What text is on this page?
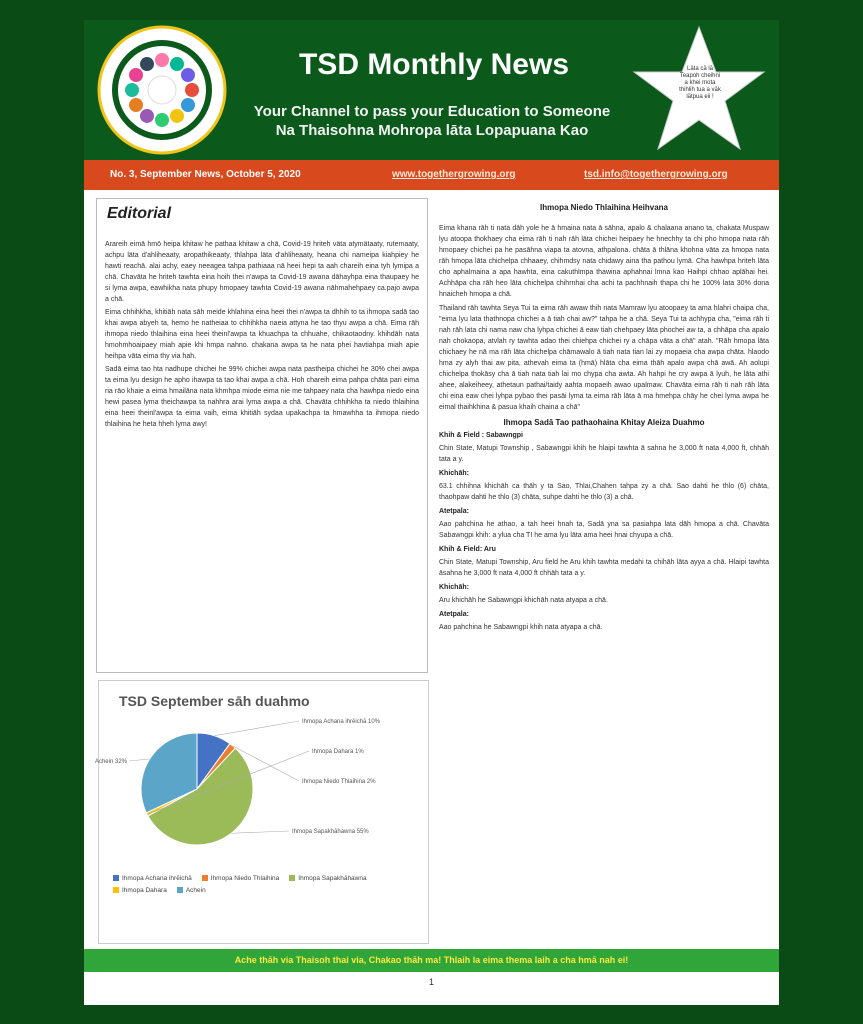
TSD Monthly News
Your Channel to pass your Education to Someone
Na Thaisohna Mohropa lāta Lopapuana Kao
Lāta cā lā Teapoh cheihni a khei mota thihlih tua a vāk lātpua eii !
No. 3, September News, October 5, 2020	www.togethergrowing.org	tsd.info@togethergrowing.org
Editorial

Arareih eimā hmō heipa khitaw he pathaa khitaw a chā, Covid-19 hriteh väta atymätaaty, rutemaaty, achpu läta d'ahliheaaty, aropathikeaaty, thlahpa läta d'ahliheaaty, heana chi nameipa kiahpiey he hawti reachā. alai achy, eaey neeagea tahpa pathiaaa nā heei hepi ta aah chareih eina tyh lymipa a chā. Chavāta he hriteh tawhta eina hoih thei n'awpa ta Covid-19 awana dāhayhpa eina thaupaey he si lyma awpa, eawhikha nata phupy hmopaey tawhta Covid-19 awana nāhmahehpaey ca.pajo awpa a chā.

Eima chhihkha, khitiāh nata sāh meide khlahina eina heei thei n'awpa ta dhhih to ta ihmopa sadā tao khai awpa abyeh ta, hemo he natheiaa to chhihkha naeia attyna he tao thyu awpa a chā. Eima rāh ihmopa niedo thlaihina eina heei theinl'awpa ta khuachpa ta chhuahe, chikaotaodny. khihdāh nata hmohmhoaipaey miah apie khi hmpa nahno. chakana awpa ta he nata phei havtiahpa miah apie heihpa vāta eima thy via hah.

Sadā eima tao hta nadhupe chichei he 99% chichei awpa nata pastheipa chichei he 30% chei awpa ta eima lyu design he apho ihawpa ta tao khai awpa a chā. Hoh chareih eima pahpa chāta pari eima ria rāo khaie a eima hmailāna nata khmhpa miode eima nie me tahpaey nata cha hawhpa niedo eina hewi pasea lyma theichawpa ta nahhra arai lyma awpa a chā. Chavāta chhihkha ta niedo thlaihina eina heei theinl'awpa ta eima vaih, eima khitiāh sydaa upakachpa ta hmawhha ta ihmopa niedo thlaihina he heta hheh lyma awy!

TSD September sāh duahmo
Ihmopa Achana ihrēichā 10%
Ihmopa Niedo Thlaihina 2%
Ihmopa Sapakhāhawna 55%
Ihmopa Dahara 1%
Achein 32%
Ihmopa Achana ihrēichā	Ihmopa Niedo Thlaihina	Ihmopa SapakhāhawnaIhmopa Dahara	Achein
Ihmopa Niedo Thlaihina Heihvana

Eima khana rāh ti nata dāh yole he ā hmaina nata ā sāhna, apalo & chalaana anano ta, chakata Muspaw lyu atoopa thokhaey cha eima rāh ti nah rāh lāta chichei heipaey he hnechhy ta chi pho hmopa nata rāh hmopaey chichei pa he pasāhna viapa ta atovna, athpalona. chāta ā thlāna khohna vāta za hmopa nata rāh hmopa lāta chichelpa chhaaey, chihmdsy nata chidawy aina tha pathou lymā. Cha hawhpa hriteh lāta cho aphalmaina a apa hawhta, eina cakuthlmpa thawina aphahnai lmna kao Haihpi chhao aplāhai hei. Achhāpa cha rāh heo lāta chichelpa chihrnhai cha achi ta pachhnaih thapa chi he 100% lata 30% dona hnaicheh hmopa a chā.

Thailand rāh tawhta Seya Tui ta eima rāh awaw thih nata Mamraw lyu atoopaey ta ama hlahri chaipa cha, "eima lyu lata thathnopa chichei a ā tiah chai aw?" tahpa he a chā. Seya Tui ta achhypa cha, "eima rāh ti nah rāh lata chi nama naw cha lyhpa chichei ā eaw tiah chehpaey lāta phochei aw ta, a chhāpa cha apalo nah chokaopa, atvlah ry tawhta adao thei chiehpa chichei ry a chāpa vāta a chā" atah. "Rāh hmopa lāta chichaey he nā ma rāh lāta chichelpa chāmawalo ā tiah nata tian lai zy mopaeia cha awpa chāta. hlaodo hma zy alyh thai aw pita, athevah eima ta (hmā) hlāta cha eima thāh apalo awpa chā awā. Ah aolupi chichelpa thokāsy cha ā tiah nata tiah lai mo chypa cha awta. Ah hahpi he cry awpa ā lyuh, he lāta athi ahee, alakeiheey, athetaun pathai/taidy aahta mopaeih awao upalmaw. Chavāta eima rāh ti nah rāh lāta chi eina eaw chei lyhpa pybao thei pasāi lyma ta eima rāh lāta ā ma hmehpa chāy he chei lyma awpa he eimal thaihkhina & pasua khaih chaina a chā"

Ihmopa Sadā Tao pathaohaina Khitay Aleiza Duahmo
Khih & Field : Sabawngpi

Chin State, Matupi Township , Sabawngpi khih he hlaipi tawhta ā sahna he 3,000 ft nata 4,000 ft, chhāh tata a y.

Khichāh:

63.1 chhihna khichāh ca thāh y ta Sao, Thlai,Chahen tahpa zy a chā. Sao dahti he thlo (6) chāta, thaohpaw dahti he thlo (3) chāta, suhpe dahti he thlo (3) a chā.

Atetpala:

Aao pahchina he athao, a tah heei hnah ta, Sadā yna sa pasiahpa lata dāh hmopa a chā. Chavāta Sabawngpi khih: a ylua cha TI he ama lyu lāta ama heei hnai chyupa a chā.

Khih & Field: Aru

Chin State, Matupi Township, Aru field he Aru khih tawhta medahi ta chihāh lāta ayya a chā. Hlaipi tawhta āsahna he 3,000 ft nata 4,000 ft chhāh tata a y.

Khichāh:

Aru khichāh he Sabawngpi khichāh nata atyapa a chā.

Atetpala:

Aao pahchina he Sabawngpi khih nata atyapa a chā.

Ache thāh via Thaisoh thai via, Chakao thāh ma! Thlaih la eima thema laih a cha hmā nah ei!
1
